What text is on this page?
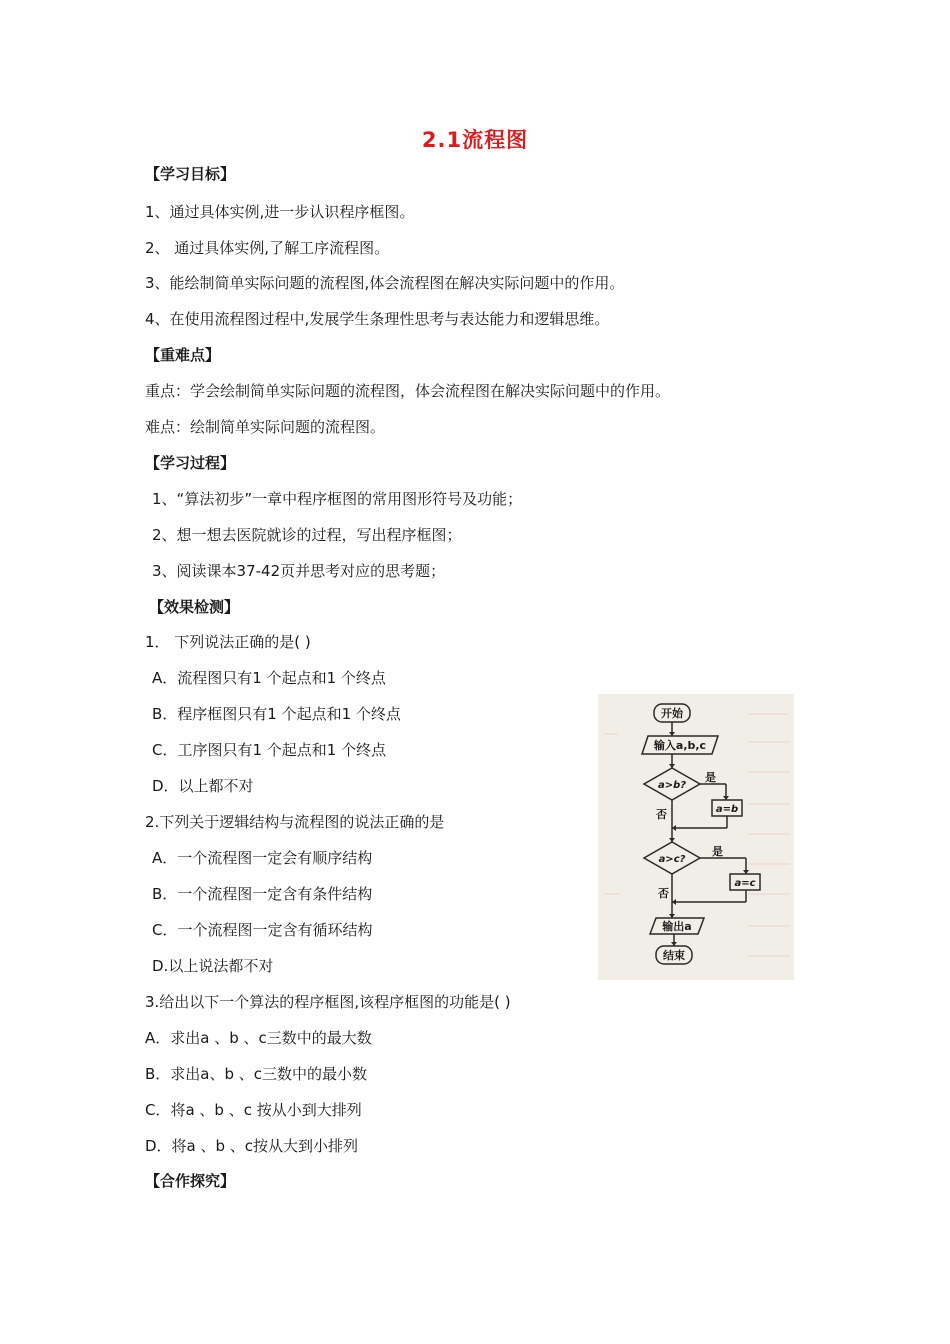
2.1流程图
【学习目标】
1、通过具体实例,进一步认识程序框图。
2、 通过具体实例,了解工序流程图。
3、能绘制简单实际问题的流程图,体会流程图在解决实际问题中的作用。
4、在使用流程图过程中,发展学生条理性思考与表达能力和逻辑思维。
【重难点】
重点：学会绘制简单实际问题的流程图，体会流程图在解决实际问题中的作用。
难点：绘制简单实际问题的流程图。
【学习过程】
1、“算法初步”一章中程序框图的常用图形符号及功能；
2、想一想去医院就诊的过程，写出程序框图；
3、阅读课本37-42页并思考对应的思考题；
【效果检测】
1． 下列说法正确的是( )
A．流程图只有1 个起点和1 个终点
B．程序框图只有1 个起点和1 个终点
C．工序图只有1 个起点和1 个终点
D．以上都不对
2.下列关于逻辑结构与流程图的说法正确的是
A．一个流程图一定会有顺序结构
B．一个流程图一定含有条件结构
C．一个流程图一定含有循环结构
D.以上说法都不对
3.给出以下一个算法的程序框图,该程序框图的功能是( )
A．求出a 、b 、c三数中的最大数
B．求出a、b 、c三数中的最小数
C．将a 、b 、c 按从小到大排列
D．将a 、b 、c按从大到小排列
【合作探究】
开始
输入a,b,c
a>b?
是
否	a=b
a>c?
是
否
a=c
输出a
结束
